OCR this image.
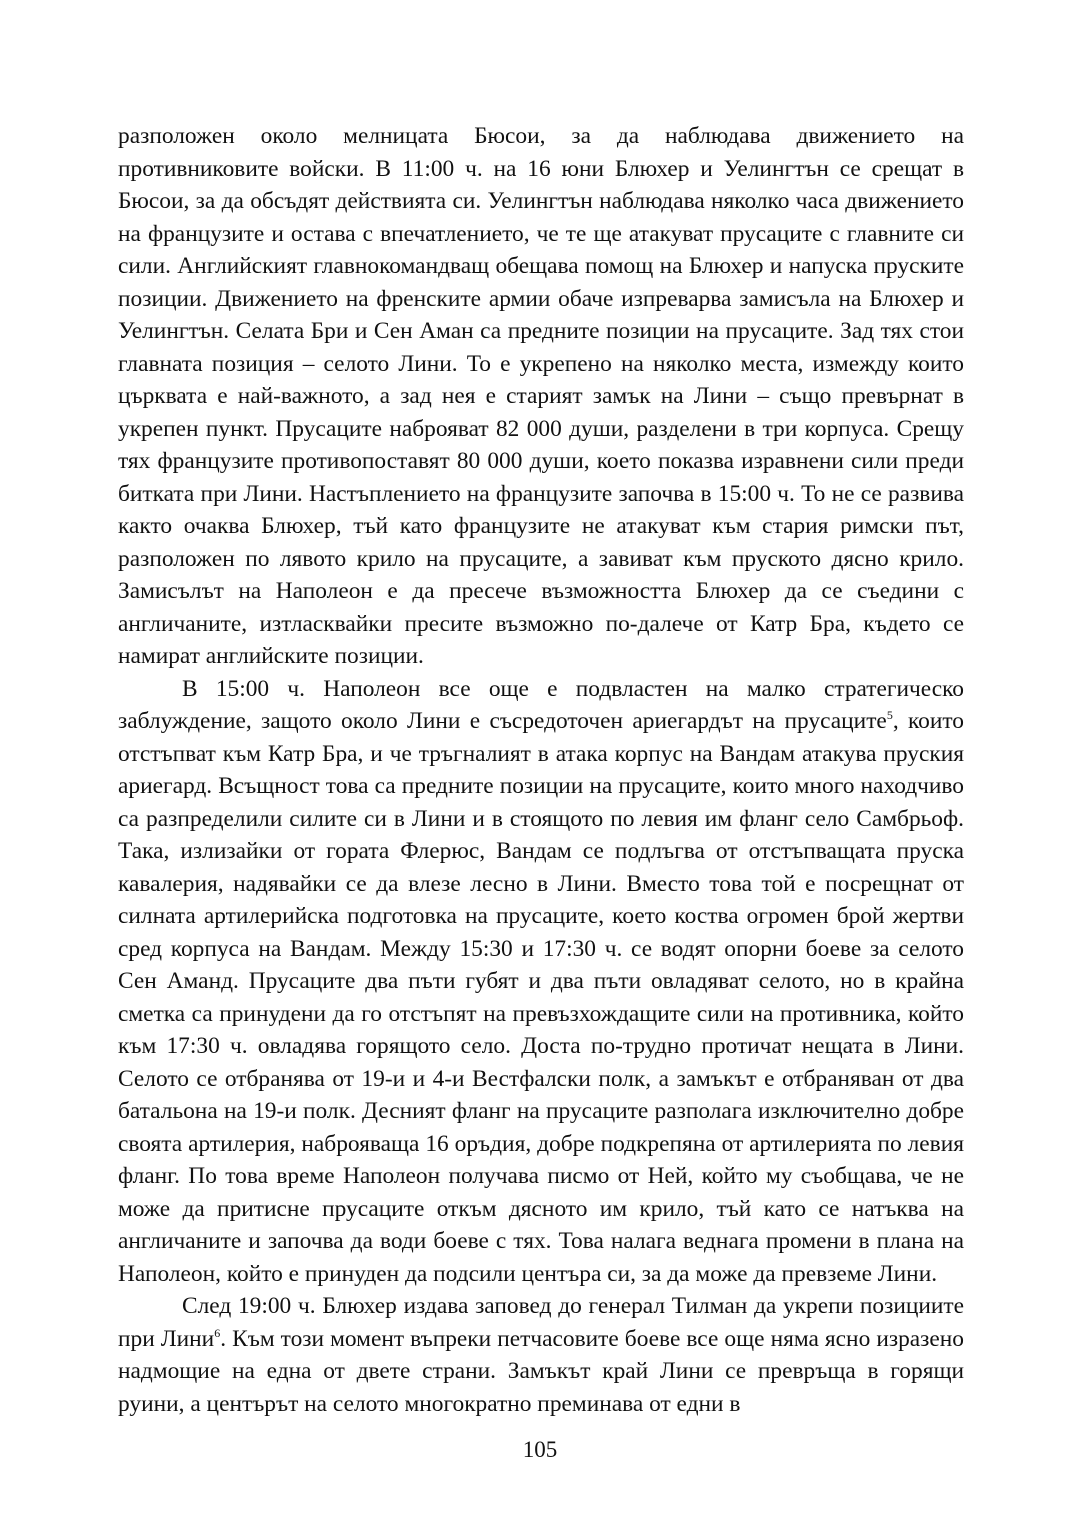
разположен около мелницата Бюсои, за да наблюдава движението на противниковите войски. В 11:00 ч. на 16 юни Блюхер и Уелингтън се срещат в Бюсои, за да обсъдят действията си. Уелингтън наблюдава няколко часа движението на французите и остава с впечатлението, че те ще атакуват прусаците с главните си сили. Английският главнокомандващ обещава помощ на Блюхер и напуска пруските позиции. Движението на френските армии обаче изпреварва замисъла на Блюхер и Уелингтън. Селата Бри и Сен Аман са предните позиции на прусаците. Зад тях стои главната позиция – селото Лини. То е укрепено на няколко места, измежду които църквата е най-важното, а зад нея е старият замък на Лини – също превърнат в укрепен пункт. Прусаците наброяват 82 000 души, разделени в три корпуса. Срещу тях французите противопоставят 80 000 души, което показва изравнени сили преди битката при Лини. Настъплението на французите започва в 15:00 ч. То не се развива както очаква Блюхер, тъй като французите не атакуват към стария римски път, разположен по лявото крило на прусаците, а завиват към пруското дясно крило. Замисълът на Наполеон е да пресече възможността Блюхер да се съедини с англичаните, изтласквайки пресите възможно по-далече от Катр Бра, където се намират английските позиции.

В 15:00 ч. Наполеон все още е подвластен на малко стратегическо заблуждение, защото около Лини е съсредоточен ариегардът на прусаците$^5$, които отстъпват към Катр Бра, и че тръгналият в атака корпус на Вандам атакува пруския ариегард. Всъщност това са предните позиции на прусаците, които много находчиво са разпределили силите си в Лини и в стоящото по левия им фланг село Самбрьоф. Така, излизайки от гората Флерюс, Вандам се подлъгва от отстъпващата пруска кавалерия, надявайки се да влезе лесно в Лини. Вместо това той е посрещнат от силната артилерийска подготовка на прусаците, което коства огромен брой жертви сред корпуса на Вандам. Между 15:30 и 17:30 ч. се водят опорни боеве за селото Сен Аманд. Прусаците два пъти губят и два пъти овладяват селото, но в крайна сметка са принудени да го отстъпят на превъзхождащите сили на противника, който към 17:30 ч. овладява горящото село. Доста по-трудно протичат нещата в Лини. Селото се отбранява от 19-и и 4-и Вестфалски полк, а замъкът е отбраняван от два батальона на 19-и полк. Десният фланг на прусаците разполага изключително добре своята артилерия, наброяваща 16 оръдия, добре подкрепяна от артилерията по левия фланг. По това време Наполеон получава писмо от Ней, който му съобщава, че не може да притисне прусаците откъм дясното им крило, тъй като се натъква на англичаните и започва да води боеве с тях. Това налага веднага промени в плана на Наполеон, който е принуден да подсили центъра си, за да може да превземе Лини.

След 19:00 ч. Блюхер издава заповед до генерал Тилман да укрепи позициите при Лини$^6$. Към този момент въпреки петчасовите боеве все още няма ясно изразено надмощие на една от двете страни. Замъкът край Лини се превръща в горящи руини, а центърът на селото многократно преминава от едни в

105
